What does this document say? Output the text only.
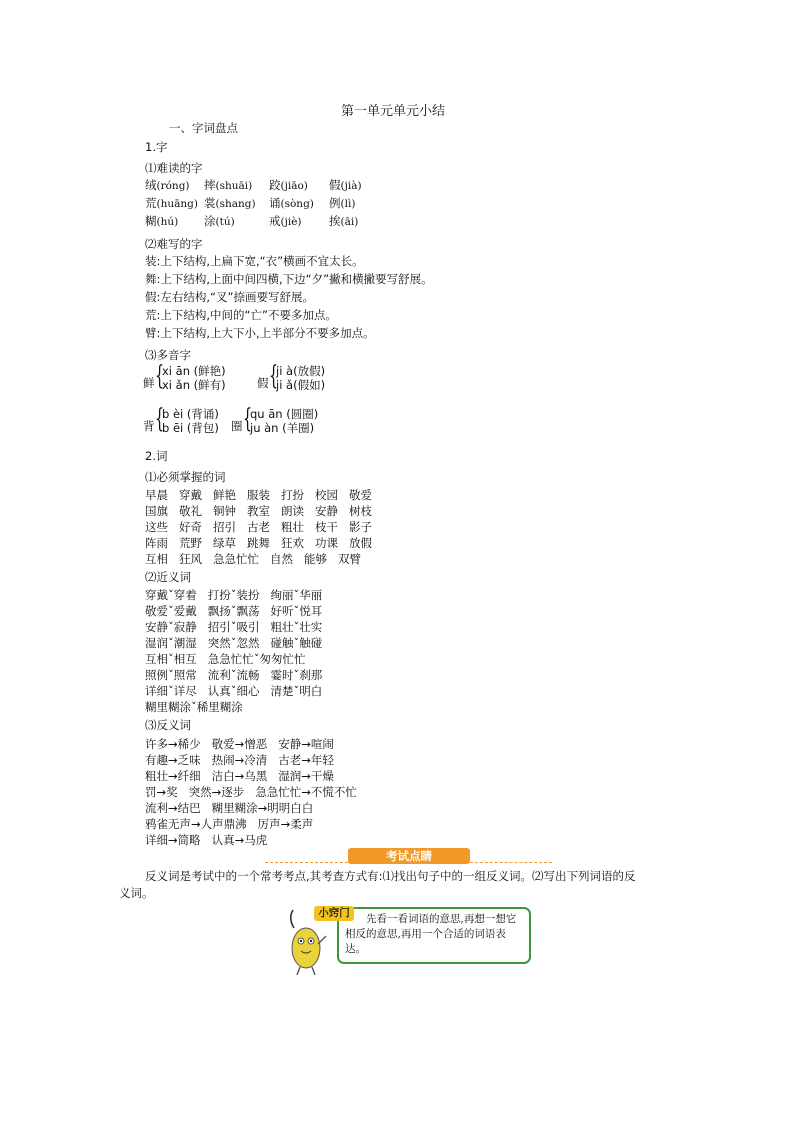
第一单元单元小结
一、字词盘点
1.字
⑴难读的字
绒(róng) 摔(shuāi) 跤(jiāo) 假(jià)
荒(huāng) 裳(shang) 诵(sòng) 例(lì)
糊(hú) 涂(tú)	戒(jiè) 挨(āi)
⑵难写的字
装:上下结构,上扁下宽,“衣”横画不宜太长。
舞:上下结构,上面中间四横,下边“夕”撇和横撇要写舒展。
假:左右结构,“叉”捺画要写舒展。
荒:上下结构,中间的“亡”不要多加点。
臂:上下结构,上大下小,上半部分不要多加点。
⑶多音字
鲜 {
xi ān (鲜艳)
xi ǎn (鲜有)	假 {
ji à(放假)
ji ǎ(假如)
背 {
b èi (背诵)
b ēi (背包) 圈 {
qu ān (圆圈)
ju àn (羊圈)
2.词
⑴必须掌握的词
早晨 穿戴 鲜艳 服装 打扮 校园 敬爱
国旗 敬礼 铜钟 教室 朗读 安静 树枝
这些 好奇 招引 古老 粗壮 枝干 影子
阵雨 荒野 绿草 跳舞 狂欢 功课 放假
互相 狂风 急急忙忙 自然 能够 双臂
⑵近义词
穿戴ˇ穿着 打扮ˇ装扮 绚丽ˇ华丽
敬爱ˇ爱戴 飘扬ˇ飘荡 好听ˇ悦耳
安静ˇ寂静 招引ˇ吸引 粗壮ˇ壮实
湿润ˇ潮湿 突然ˇ忽然 碰触ˇ触碰
互相ˇ相互 急急忙忙ˇ匆匆忙忙
照例ˇ照常 流利ˇ流畅 霎时ˇ刹那
详细ˇ详尽 认真ˇ细心 清楚ˇ明白
糊里糊涂ˇ稀里糊涂
⑶反义词
许多→稀少 敬爱→憎恶 安静→喧闹
有趣→乏味 热闹→冷清 古老→年轻
粗壮→纤细 洁白→乌黑 湿润→干燥
罚→奖 突然→逐步 急急忙忙→不慌不忙
流利→结巴 糊里糊涂→明明白白
鸦雀无声→人声鼎沸 厉声→柔声
详细→简略 认真→马虎
考试点睛
反义词是考试中的一个常考考点,其考查方式有:⑴找出句子中的一组反义词。⑵写出下列词语的反
义词。
小窍门	先看一看词语的意思,再想一想它相反的意思,再用一个合适的词语表达。
